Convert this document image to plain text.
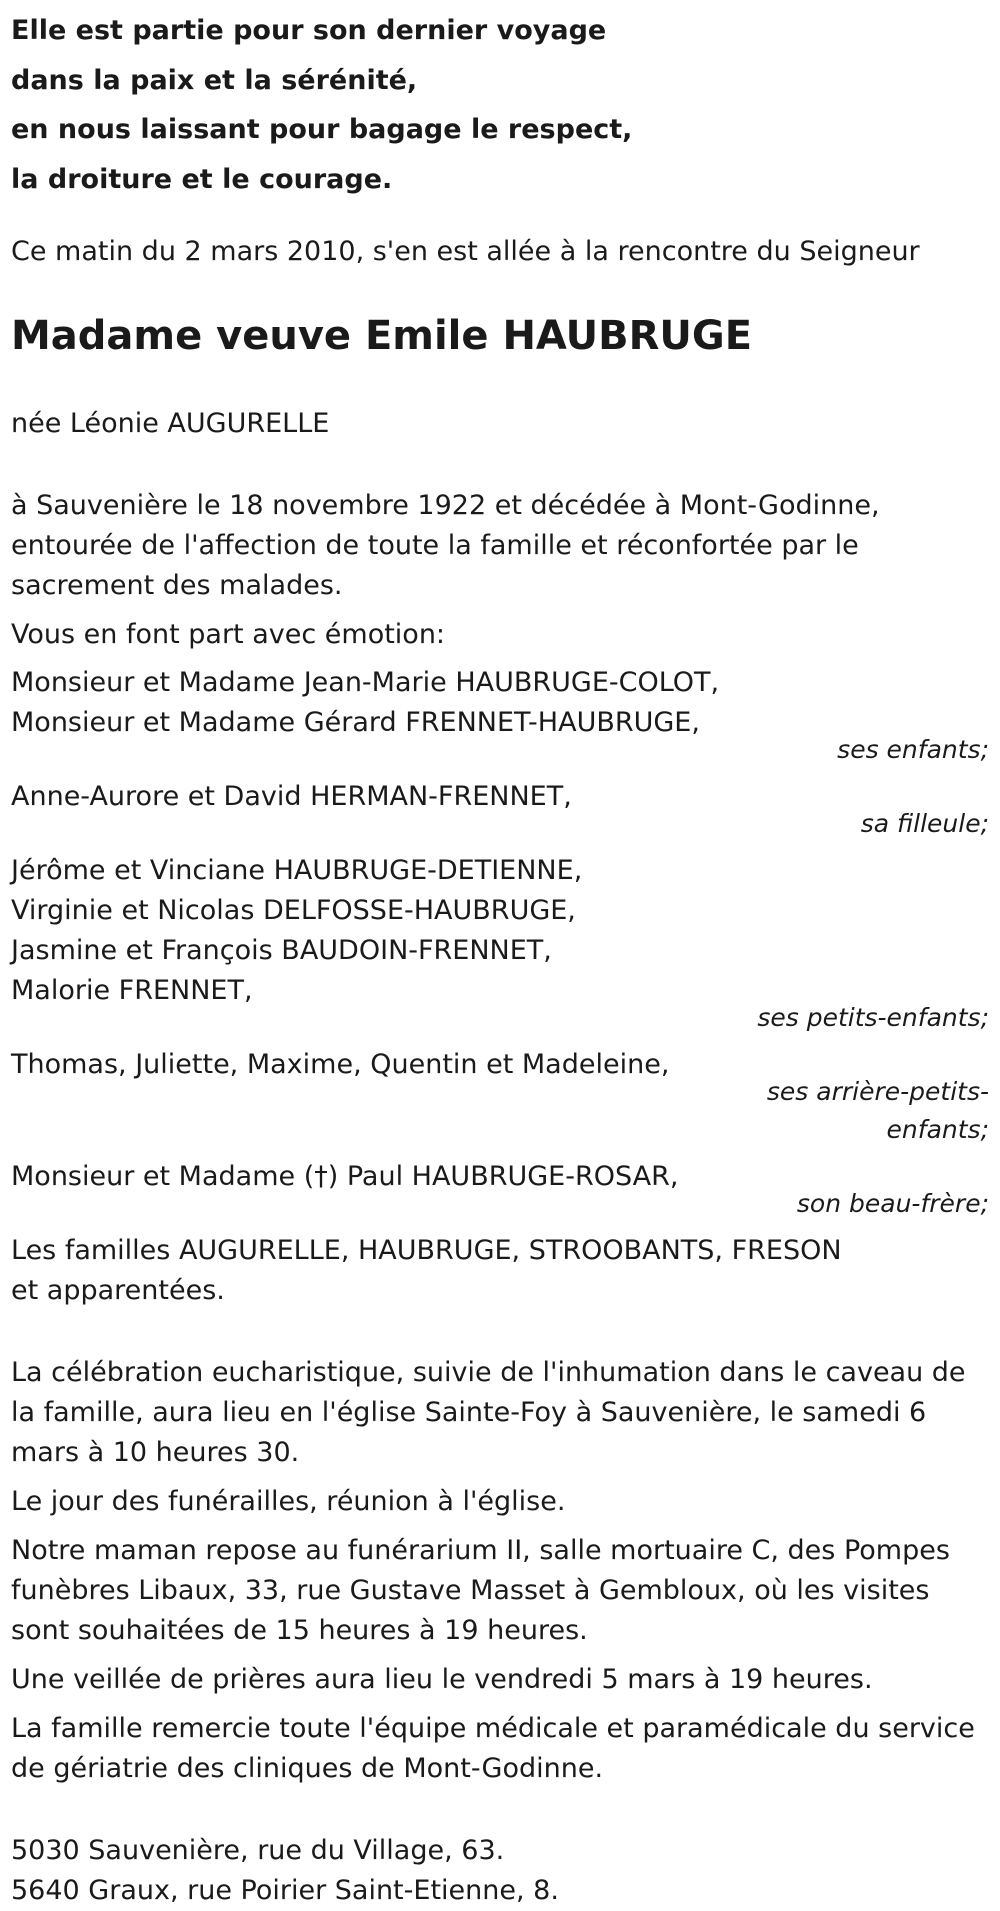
Elle est partie pour son dernier voyage
dans la paix et la sérénité,
en nous laissant pour bagage le respect,
la droiture et le courage.

Ce matin du 2 mars 2010, s'en est allée à la rencontre du Seigneur

Madame veuve Emile HAUBRUGE

née Léonie AUGURELLE

à Sauvenière le 18 novembre 1922 et décédée à Mont-Godinne, entourée de l'affection de toute la famille et réconfortée par le sacrement des malades.

Vous en font part avec émotion:

Monsieur et Madame Jean-Marie HAUBRUGE-COLOT,
Monsieur et Madame Gérard FRENNET-HAUBRUGE,
ses enfants;
Anne-Aurore et David HERMAN-FRENNET,
sa filleule;
Jérôme et Vinciane HAUBRUGE-DETIENNE,
Virginie et Nicolas DELFOSSE-HAUBRUGE,
Jasmine et François BAUDOIN-FRENNET,
Malorie FRENNET,
ses petits-enfants;
Thomas, Juliette, Maxime, Quentin et Madeleine,
ses arrière-petits-enfants;
Monsieur et Madame (†) Paul HAUBRUGE-ROSAR,
son beau-frère;
Les familles AUGURELLE, HAUBRUGE, STROOBANTS, FRESON
et apparentées.

La célébration eucharistique, suivie de l'inhumation dans le caveau de la famille, aura lieu en l'église Sainte-Foy à Sauvenière, le samedi 6 mars à 10 heures 30.

Le jour des funérailles, réunion à l'église.

Notre maman repose au funérarium II, salle mortuaire C, des Pompes funèbres Libaux, 33, rue Gustave Masset à Gembloux, où les visites sont souhaitées de 15 heures à 19 heures.

Une veillée de prières aura lieu le vendredi 5 mars à 19 heures.

La famille remercie toute l'équipe médicale et paramédicale du service de gériatrie des cliniques de Mont-Godinne.

5030 Sauvenière, rue du Village, 63.
5640 Graux, rue Poirier Saint-Etienne, 8.
